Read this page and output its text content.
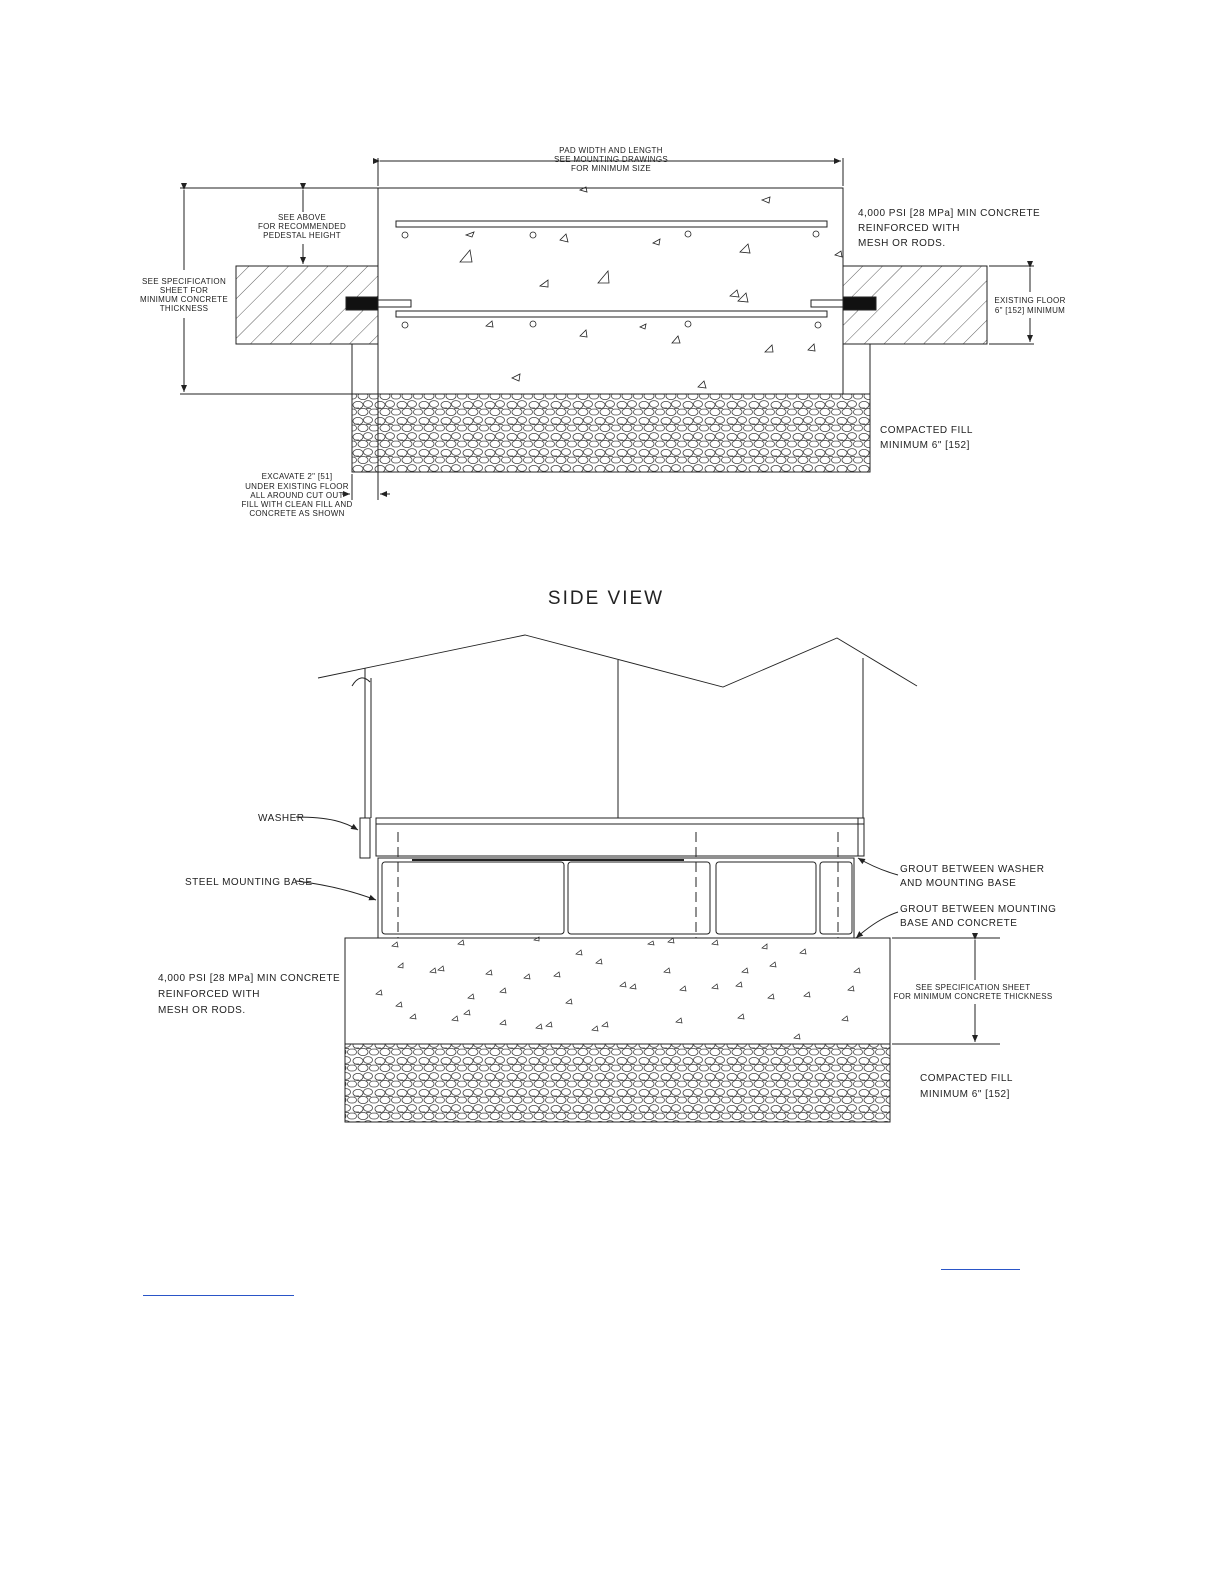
PAD WIDTH AND LENGTH
SEE MOUNTING DRAWINGS
FOR MINIMUM SIZE
SEE ABOVE
FOR RECOMMENDED
PEDESTAL HEIGHT
SEE SPECIFICATION
SHEET FOR
MINIMUM CONCRETE
THICKNESS
4,000 PSI [28 MPa] MIN CONCRETE
REINFORCED WITH
MESH OR RODS.
EXISTING FLOOR
6" [152] MINIMUM
COMPACTED FILL
MINIMUM 6" [152]
EXCAVATE 2" [51]
UNDER EXISTING FLOOR
ALL AROUND CUT OUT
FILL WITH CLEAN FILL AND
CONCRETE AS SHOWN
SIDE VIEW
WASHER
STEEL MOUNTING BASE
GROUT BETWEEN WASHER
AND MOUNTING BASE
GROUT BETWEEN MOUNTING
BASE AND CONCRETE
4,000 PSI [28 MPa] MIN CONCRETE
REINFORCED WITH
MESH OR RODS.
SEE SPECIFICATION SHEET
FOR MINIMUM CONCRETE THICKNESS
COMPACTED FILL
MINIMUM 6" [152]
